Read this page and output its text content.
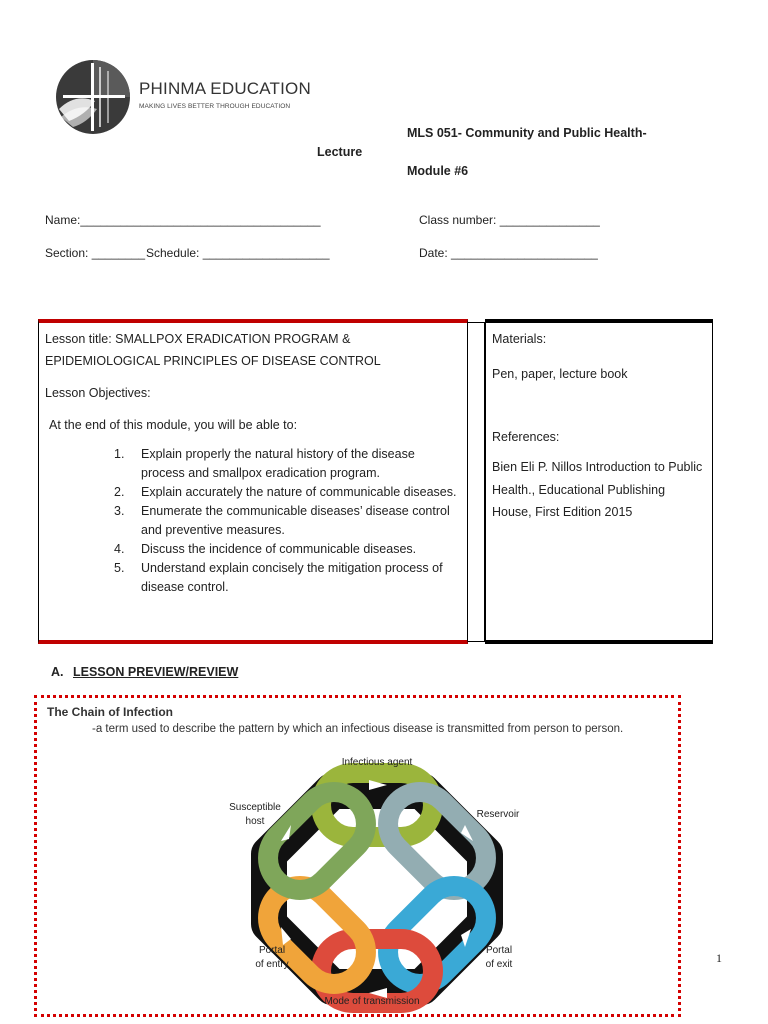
PHINMA EDUCATION
MAKING LIVES BETTER THROUGH EDUCATION
MLS 051- Community and Public Health-
Lecture
Module #6
Name:____________________________________	Class number: _______________
Section: ________ Schedule: ___________________	Date: ______________________
Lesson title: SMALLPOX ERADICATION PROGRAM & EPIDEMIOLOGICAL PRINCIPLES OF DISEASE CONTROL
Lesson Objectives:
At the end of this module, you will be able to:
1.	Explain properly the natural history of the disease process and smallpox eradication program.
2.	Explain accurately the nature of communicable diseases.
3.	Enumerate the communicable diseases’ disease control and preventive measures.
4.	Discuss the incidence of communicable diseases.
5.	Understand explain concisely the mitigation process of disease control.
Materials:
Pen, paper, lecture book
References:
Bien Eli P. Nillos Introduction to Public Health., Educational Publishing House, First Edition 2015
A. LESSON PREVIEW/REVIEW
The Chain of Infection
-a term used to describe the pattern by which an infectious disease is transmitted from person to person.
Infectious agent
Reservoir
Portal
of exit
Mode of transmission
Portal
of entry
Susceptible
host
1
